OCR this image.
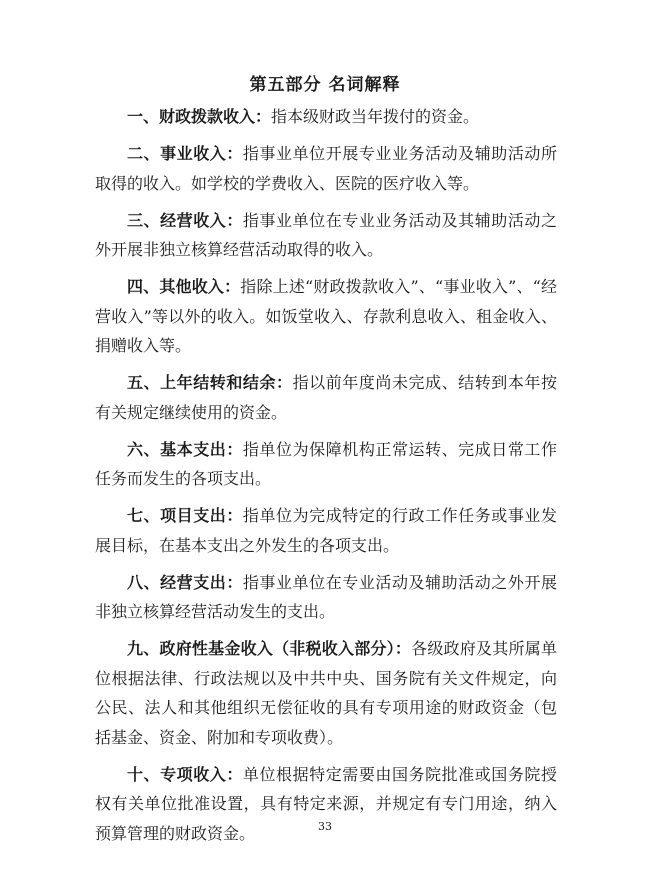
第五部分 名词解释

一、财政拨款收入：指本级财政当年拨付的资金。

二、事业收入：指事业单位开展专业业务活动及辅助活动所取得的收入。如学校的学费收入、医院的医疗收入等。

三、经营收入：指事业单位在专业业务活动及其辅助活动之外开展非独立核算经营活动取得的收入。

四、其他收入：指除上述“财政拨款收入”、“事业收入”、“经营收入”等以外的收入。如饭堂收入、存款利息收入、租金收入、捐赠收入等。

五、上年结转和结余：指以前年度尚未完成、结转到本年按有关规定继续使用的资金。

六、基本支出：指单位为保障机构正常运转、完成日常工作任务而发生的各项支出。

七、项目支出：指单位为完成特定的行政工作任务或事业发展目标，在基本支出之外发生的各项支出。

八、经营支出：指事业单位在专业活动及辅助活动之外开展非独立核算经营活动发生的支出。

九、政府性基金收入（非税收入部分）：各级政府及其所属单位根据法律、行政法规以及中共中央、国务院有关文件规定，向公民、法人和其他组织无偿征收的具有专项用途的财政资金（包括基金、资金、附加和专项收费）。

十、专项收入：单位根据特定需要由国务院批准或国务院授权有关单位批准设置，具有特定来源，并规定有专门用途，纳入预算管理的财政资金。	33
